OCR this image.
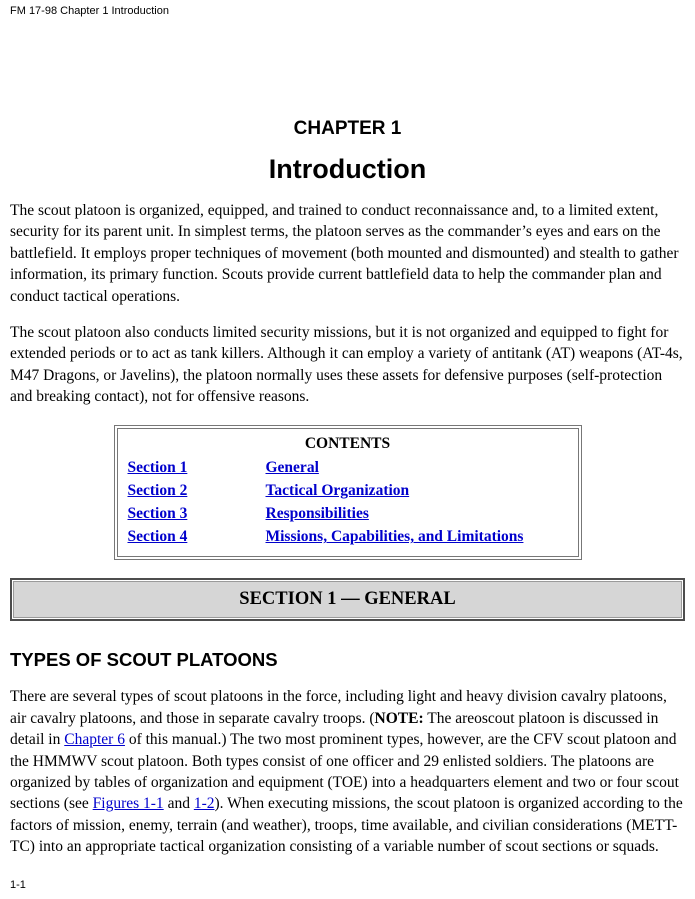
FM 17-98 Chapter 1 Introduction
CHAPTER 1
Introduction

The scout platoon is organized, equipped, and trained to conduct reconnaissance and, to a limited extent, security for its parent unit. In simplest terms, the platoon serves as the commander’s eyes and ears on the battlefield. It employs proper techniques of movement (both mounted and dismounted) and stealth to gather information, its primary function. Scouts provide current battlefield data to help the commander plan and conduct tactical operations.

The scout platoon also conducts limited security missions, but it is not organized and equipped to fight for extended periods or to act as tank killers. Although it can employ a variety of antitank (AT) weapons (AT-4s, M47 Dragons, or Javelins), the platoon normally uses these assets for defensive purposes (self-protection and breaking contact), not for offensive reasons.

CONTENTS
Section 1	General
Section 2	Tactical Organization
Section 3	Responsibilities
Section 4	Missions, Capabilities, and Limitations
SECTION 1 — GENERAL
TYPES OF SCOUT PLATOONS

There are several types of scout platoons in the force, including light and heavy division cavalry platoons, air cavalry platoons, and those in separate cavalry troops. (NOTE: The areoscout platoon is discussed in detail in Chapter 6 of this manual.) The two most prominent types, however, are the CFV scout platoon and the HMMWV scout platoon. Both types consist of one officer and 29 enlisted soldiers. The platoons are organized by tables of organization and equipment (TOE) into a headquarters element and two or four scout sections (see Figures 1-1 and 1-2). When executing missions, the scout platoon is organized according to the factors of mission, enemy, terrain (and weather), troops, time available, and civilian considerations (METT-TC) into an appropriate tactical organization consisting of a variable number of scout sections or squads.

1-1
